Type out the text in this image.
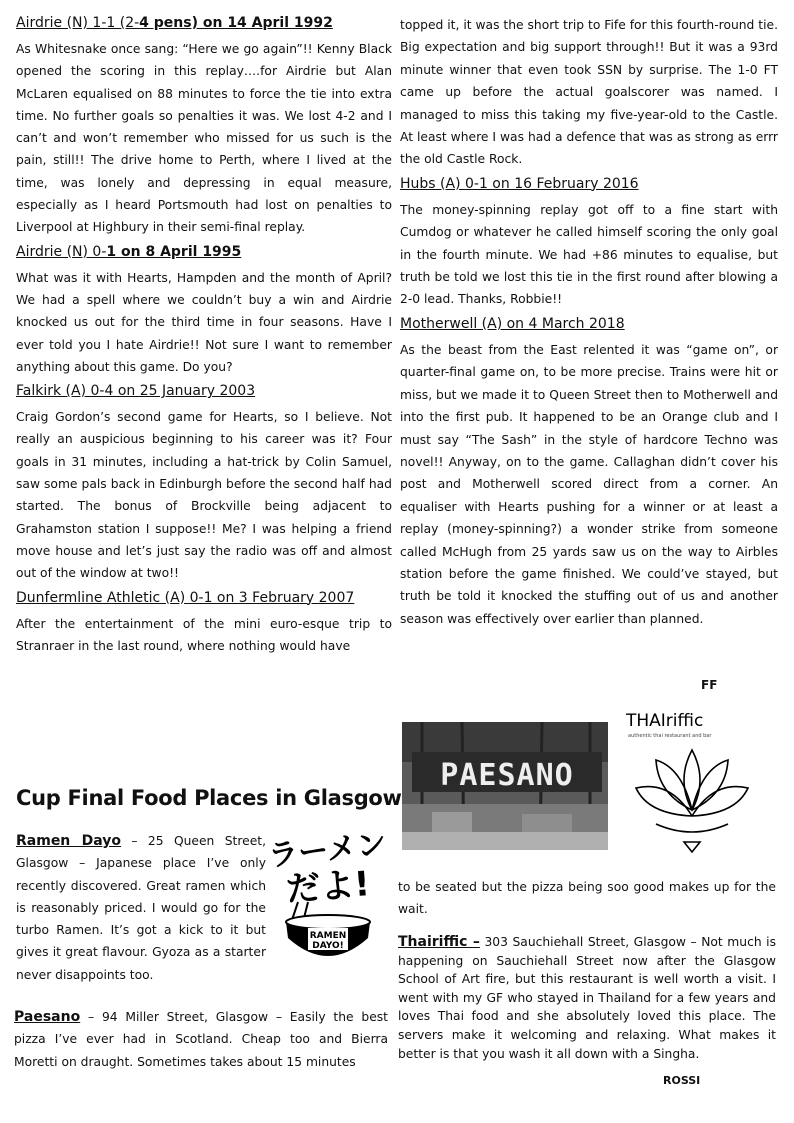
Airdrie (N) 1-1 (2-4 pens) on 14 April 1992

As Whitesnake once sang: “Here we go again”!! Kenny Black opened the scoring in this replay….for Airdrie but Alan McLaren equalised on 88 minutes to force the tie into extra time. No further goals so penalties it was. We lost 4-2 and I can’t and won’t remember who missed for us such is the pain, still!! The drive home to Perth, where I lived at the time, was lonely and depressing in equal measure, especially as I heard Portsmouth had lost on penalties to Liverpool at Highbury in their semi-final replay.

Airdrie (N) 0-1 on 8 April 1995

What was it with Hearts, Hampden and the month of April? We had a spell where we couldn’t buy a win and Airdrie knocked us out for the third time in four seasons. Have I ever told you I hate Airdrie!! Not sure I want to remember anything about this game. Do you?

Falkirk (A) 0-4 on 25 January 2003

Craig Gordon’s second game for Hearts, so I believe. Not really an auspicious beginning to his career was it? Four goals in 31 minutes, including a hat-trick by Colin Samuel, saw some pals back in Edinburgh before the second half had started. The bonus of Brockville being adjacent to Grahamston station I suppose!! Me? I was helping a friend move house and let’s just say the radio was off and almost out of the window at two!!

Dunfermline Athletic (A) 0-1 on 3 February 2007

After the entertainment of the mini euro-esque trip to Stranraer in the last round, where nothing would have

topped it, it was the short trip to Fife for this fourth-round tie. Big expectation and big support through!! But it was a 93rd minute winner that even took SSN by surprise. The 1-0 FT came up before the actual goalscorer was named. I managed to miss this taking my five-year-old to the Castle. At least where I was had a defence that was as strong as errr the old Castle Rock.

Hubs (A) 0-1 on 16 February 2016

The money-spinning replay got off to a fine start with Cumdog or whatever he called himself scoring the only goal in the fourth minute. We had +86 minutes to equalise, but truth be told we lost this tie in the first round after blowing a 2-0 lead. Thanks, Robbie!!

Motherwell (A) on 4 March 2018

As the beast from the East relented it was “game on”, or quarter-final game on, to be more precise. Trains were hit or miss, but we made it to Queen Street then to Motherwell and into the first pub. It happened to be an Orange club and I must say “The Sash” in the style of hardcore Techno was novel!! Anyway, on to the game. Callaghan didn’t cover his post and Motherwell scored direct from a corner. An equaliser with Hearts pushing for a winner or at least a replay (money-spinning?) a wonder strike from someone called McHugh from 25 yards saw us on the way to Airbles station before the game finished. We could’ve stayed, but truth be told it knocked the stuffing out of us and another season was effectively over earlier than planned.

FF
Cup Final Food Places in Glasgow
Ramen Dayo – 25 Queen Street, Glasgow – Japanese place I’ve only recently discovered. Great ramen which is reasonably priced. I would go for the turbo Ramen. It’s got a kick to it but gives it great flavour. Gyoza as a starter never disappoints too.
ラーメン
だよ!
RAMEN
DAYO!
Paesano – 94 Miller Street, Glasgow – Easily the best pizza I’ve ever had in Scotland. Cheap too and Bierra Moretti on draught. Sometimes takes about 15 minutes
PAESANO
THAIriffic
authentic thai restaurant and bar
to be seated but the pizza being soo good makes up for the wait.
Thairiffic – 303 Sauchiehall Street, Glasgow – Not much is happening on Sauchiehall Street now after the Glasgow School of Art fire, but this restaurant is well worth a visit. I went with my GF who stayed in Thailand for a few years and loves Thai food and she absolutely loved this place. The servers make it welcoming and relaxing. What makes it better is that you wash it all down with a Singha.
ROSSI
